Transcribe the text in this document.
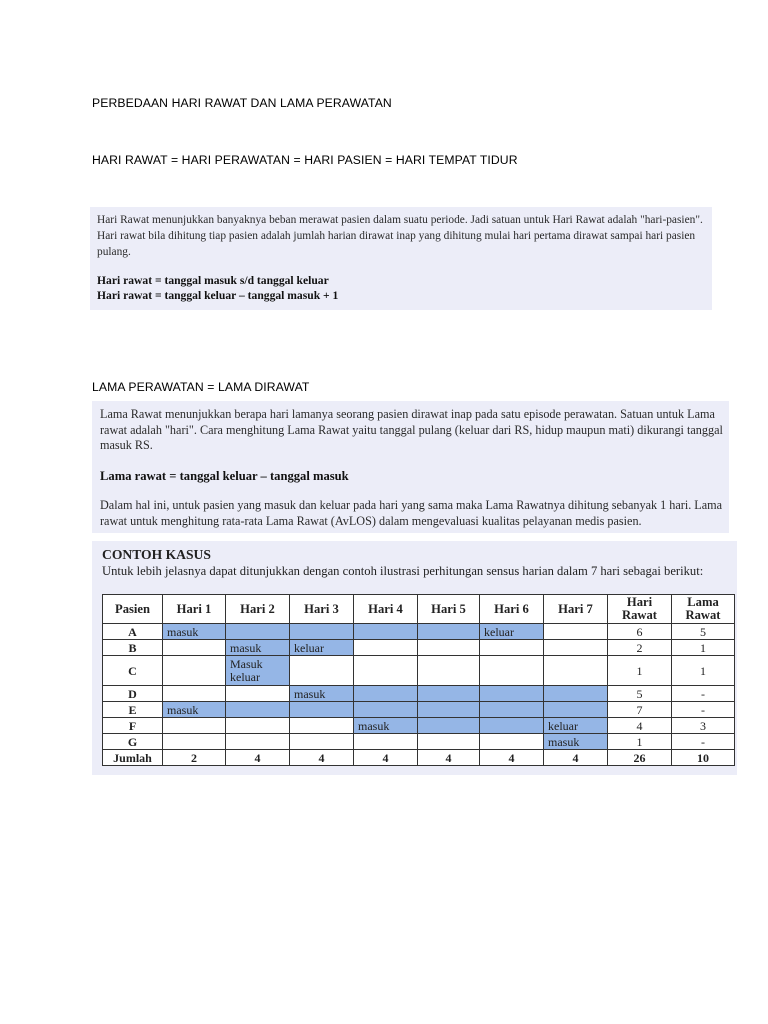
PERBEDAAN HARI RAWAT DAN LAMA PERAWATAN
HARI RAWAT = HARI PERAWATAN = HARI PASIEN = HARI TEMPAT TIDUR

Hari Rawat menunjukkan banyaknya beban merawat pasien dalam suatu periode. Jadi satuan untuk Hari Rawat adalah "hari-pasien". Hari rawat bila dihitung tiap pasien adalah jumlah harian dirawat inap yang dihitung mulai hari pertama dirawat sampai hari pasien pulang.

Hari rawat = tanggal masuk s/d tanggal keluar

Hari rawat = tanggal keluar – tanggal masuk + 1

LAMA PERAWATAN = LAMA DIRAWAT

Lama Rawat menunjukkan berapa hari lamanya seorang pasien dirawat inap pada satu episode perawatan. Satuan untuk Lama rawat adalah "hari". Cara menghitung Lama Rawat yaitu tanggal pulang (keluar dari RS, hidup maupun mati) dikurangi tanggal masuk RS.

Lama rawat = tanggal keluar – tanggal masuk

Dalam hal ini, untuk pasien yang masuk dan keluar pada hari yang sama maka Lama Rawatnya dihitung sebanyak 1 hari. Lama rawat untuk menghitung rata-rata Lama Rawat (AvLOS) dalam mengevaluasi kualitas pelayanan medis pasien.

CONTOH KASUS
Untuk lebih jelasnya dapat ditunjukkan dengan contoh ilustrasi perhitungan sensus harian dalam 7 hari sebagai berikut:
Pasien	Hari 1	Hari 2	Hari 3	Hari 4	Hari 5	Hari 6	Hari 7	Hari Rawat	Lama Rawat
A	masuk					keluar		6	5
B		masuk	keluar					2	1
C		Masuk keluar						1	1
D			masuk					5	-
E	masuk							7	-
F				masuk			keluar	4	3
G							masuk	1	-
Jumlah	2	4	4	4	4	4	4	26	10
